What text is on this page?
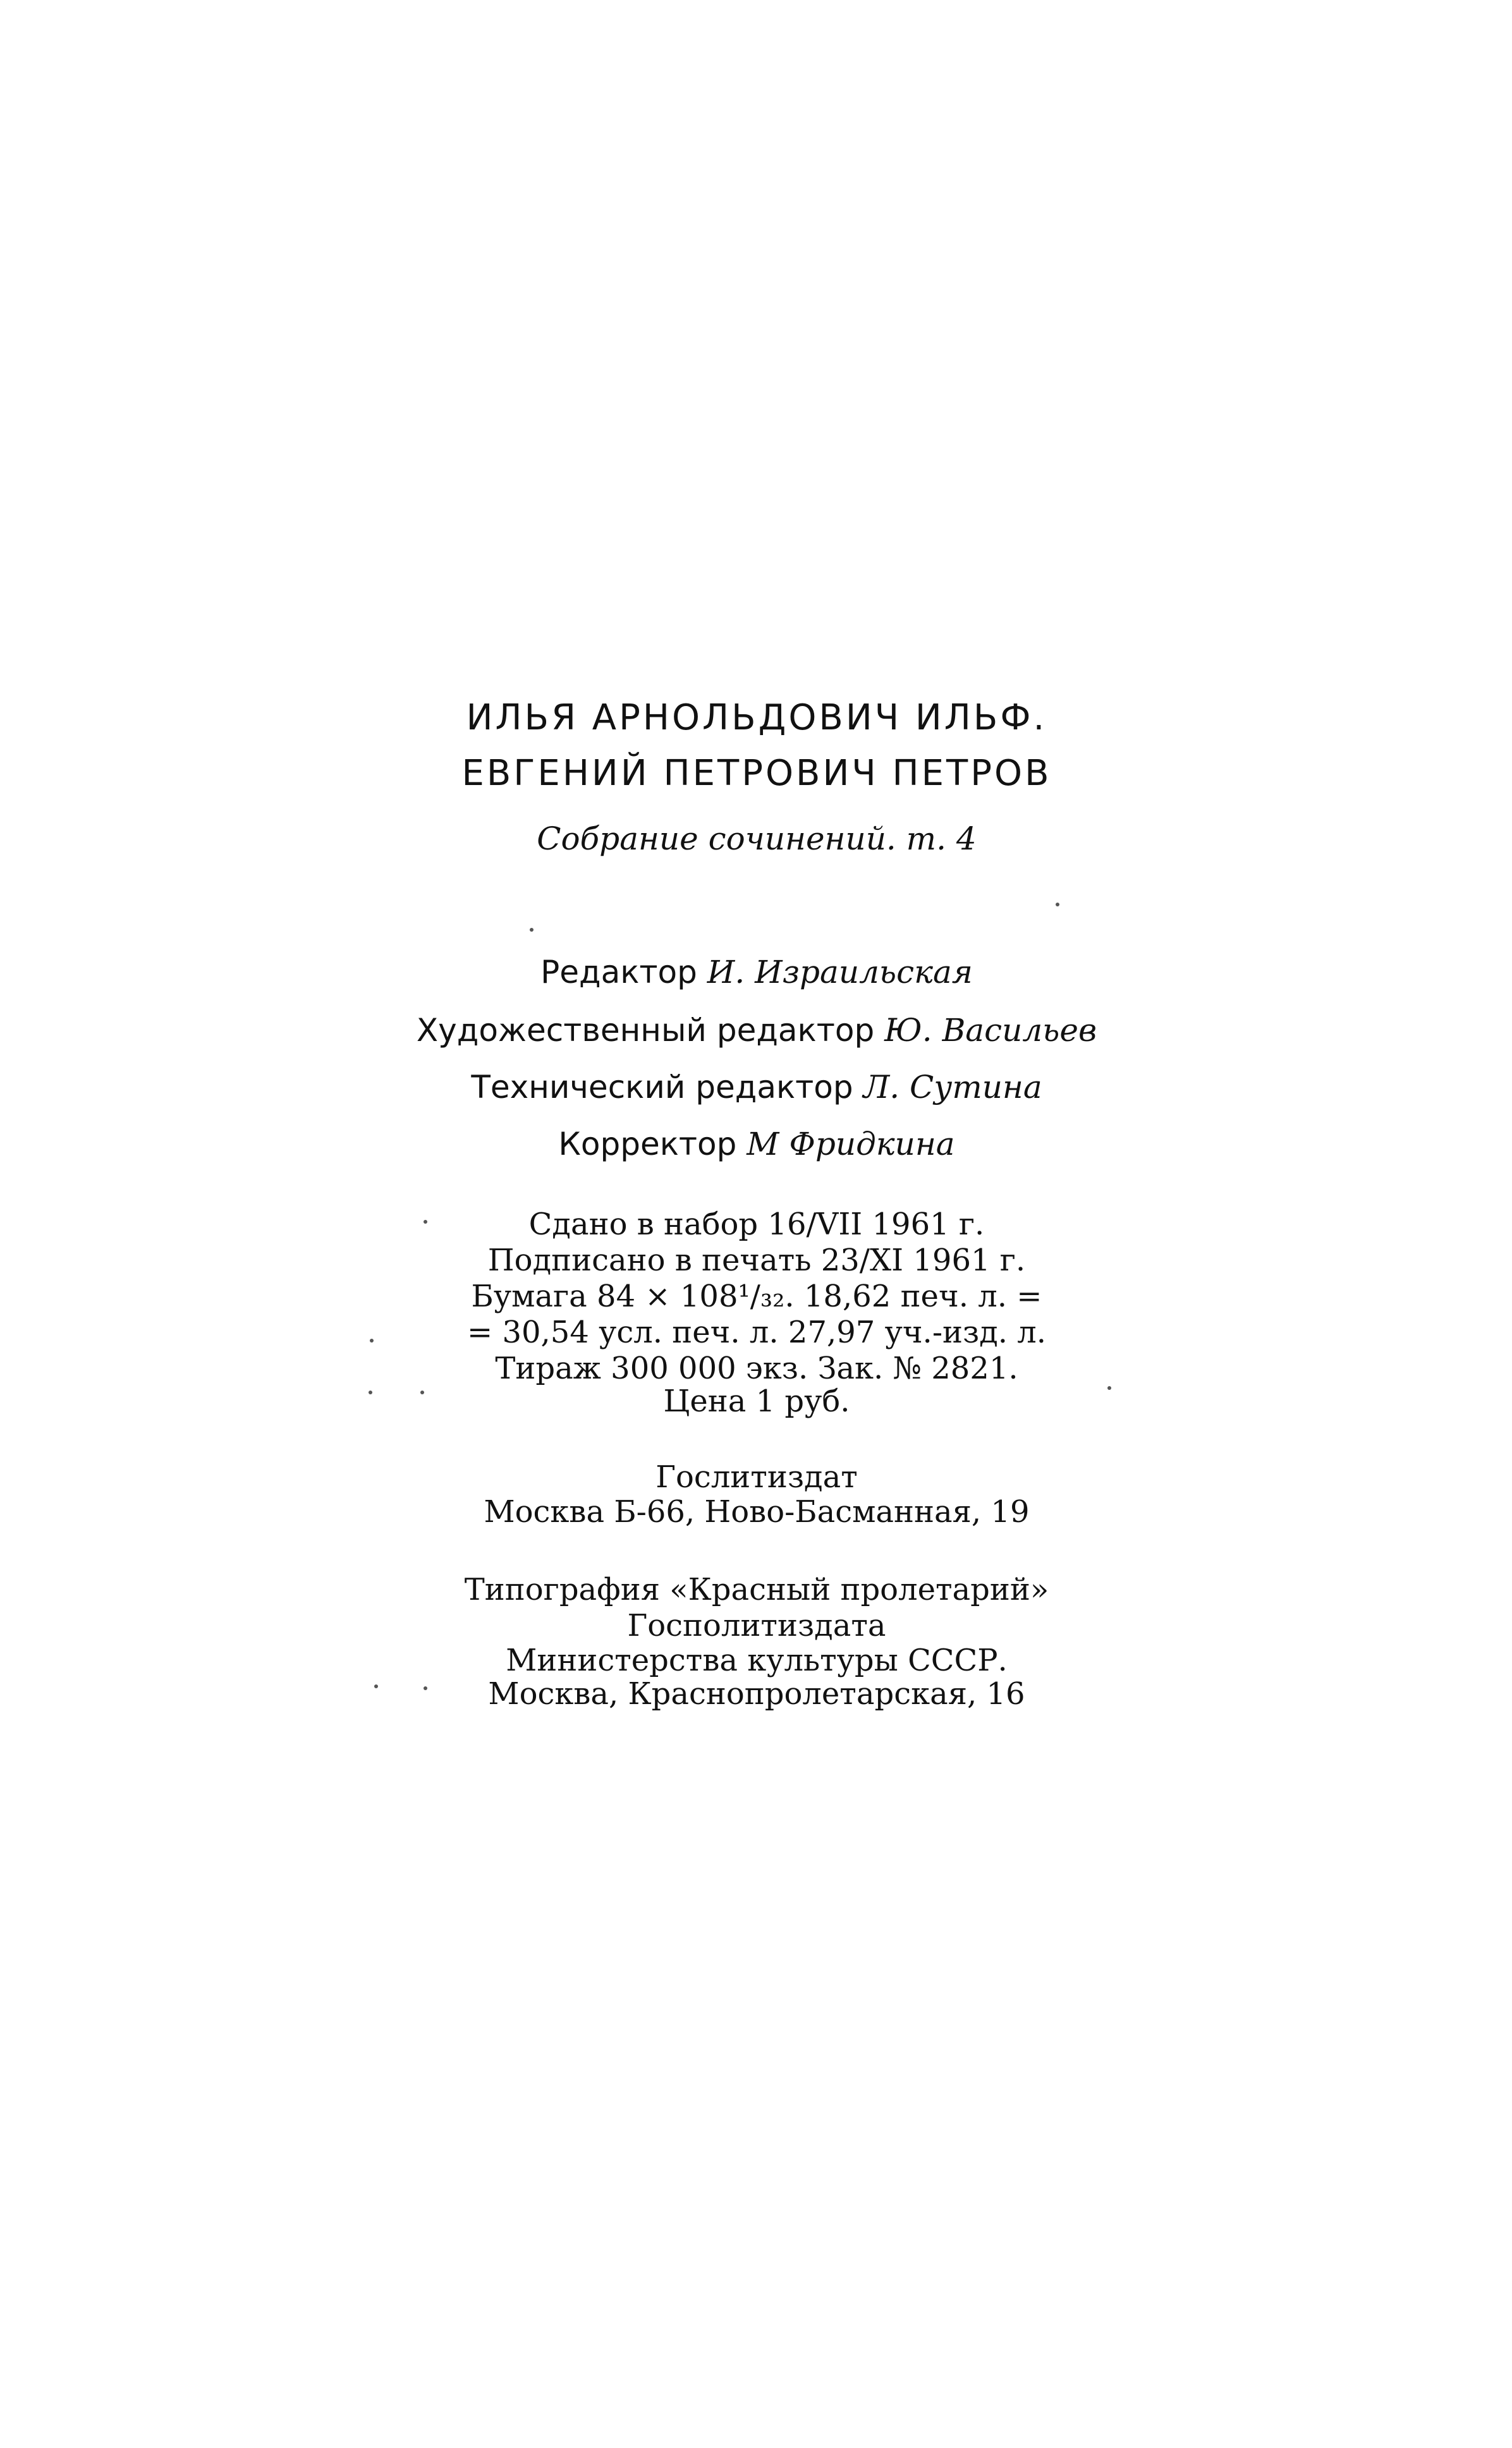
ИЛЬЯ АРНОЛЬДОВИЧ ИЛЬФ.
ЕВГЕНИЙ ПЕТРОВИЧ ПЕТРОВ
Собрание сочинений. т. 4
Редактор И. Израильская
Художественный редактор Ю. Васильев
Технический редактор Л. Сутина
Корректор М Фридкина
Сдано в набор 16/VII 1961 г.
Подписано в печать 23/XI 1961 г.
Бумага 84 × 108¹/₃₂. 18,62 печ. л. =
= 30,54 усл. печ. л. 27,97 уч.-изд. л.
Тираж 300 000 экз. Зак. № 2821.
Цена 1 руб.
Гослитиздат
Москва Б-66, Ново-Басманная, 19
Типография «Красный пролетарий»
Госполитиздата
Министерства культуры СССР.
Москва, Краснопролетарская, 16
